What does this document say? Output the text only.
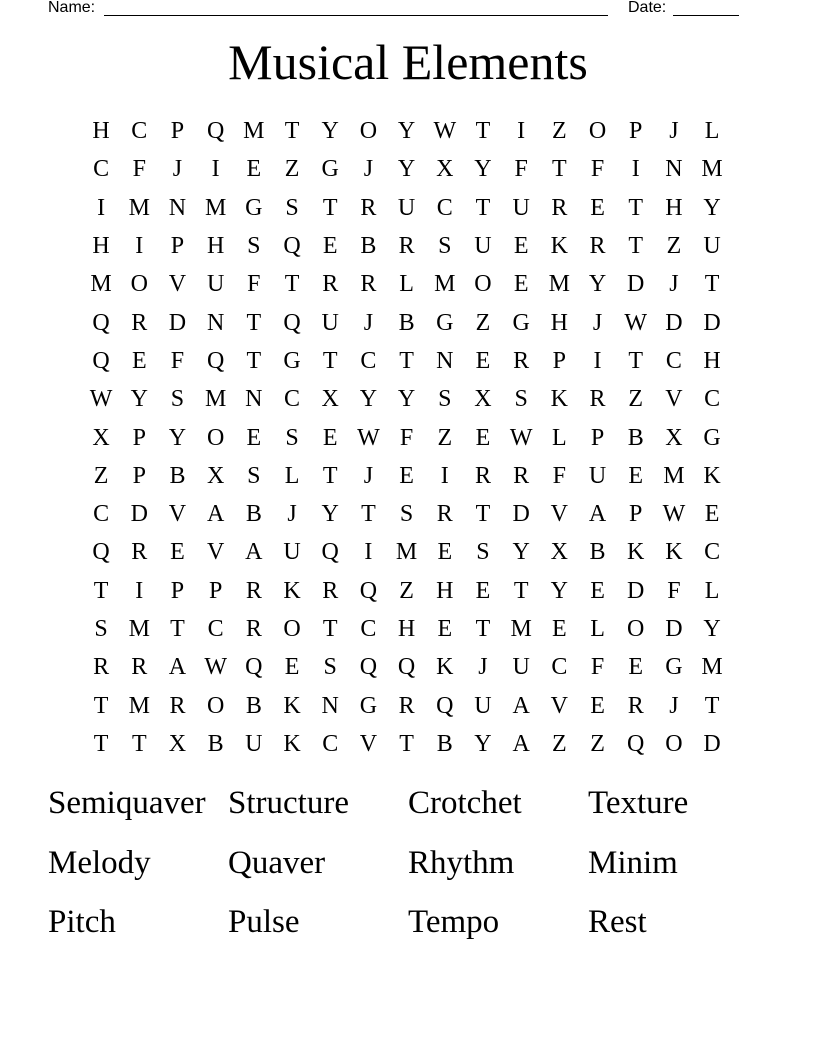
Name:	Date:
Musical Elements
H C P Q M T Y O Y W T	I	Z O P	J	L
C F	J	I	E Z G	J	Y X Y F	T	F	I	N M
I M N M G S	T R U C T U R E T H Y
H	I	P H S Q E B R S U E K R T Z U
M O V U F	T R R L M O E M Y D	J	T
Q R D N T Q U	J	B G Z G H	J W D D
Q E	F Q T G T C T N E R P	I	T C H
W Y S M N C X Y Y S X S K R Z V C
X P Y O E	S	E W F	Z E W L	P B X G
Z	P B X S	L T	J	E	I	R R F U E M K
C D V A B	J	Y T	S R T D V A P W E
Q R E V A U Q	I M E	S Y X B K K C
T	I	P	P R K R Q Z H E T Y E D F	L
S M T C R O T C H E T M E L O D Y
R R A W Q E	S Q Q K	J	U C F	E G M
T M R O B K N G R Q U A V E R	J	T
T T X B U K C V T B Y A Z Z Q O D
Semiquaver Structure	Crotchet	Texture
Melody	Quaver	Rhythm	Minim
Pitch	Pulse	Tempo	Rest
